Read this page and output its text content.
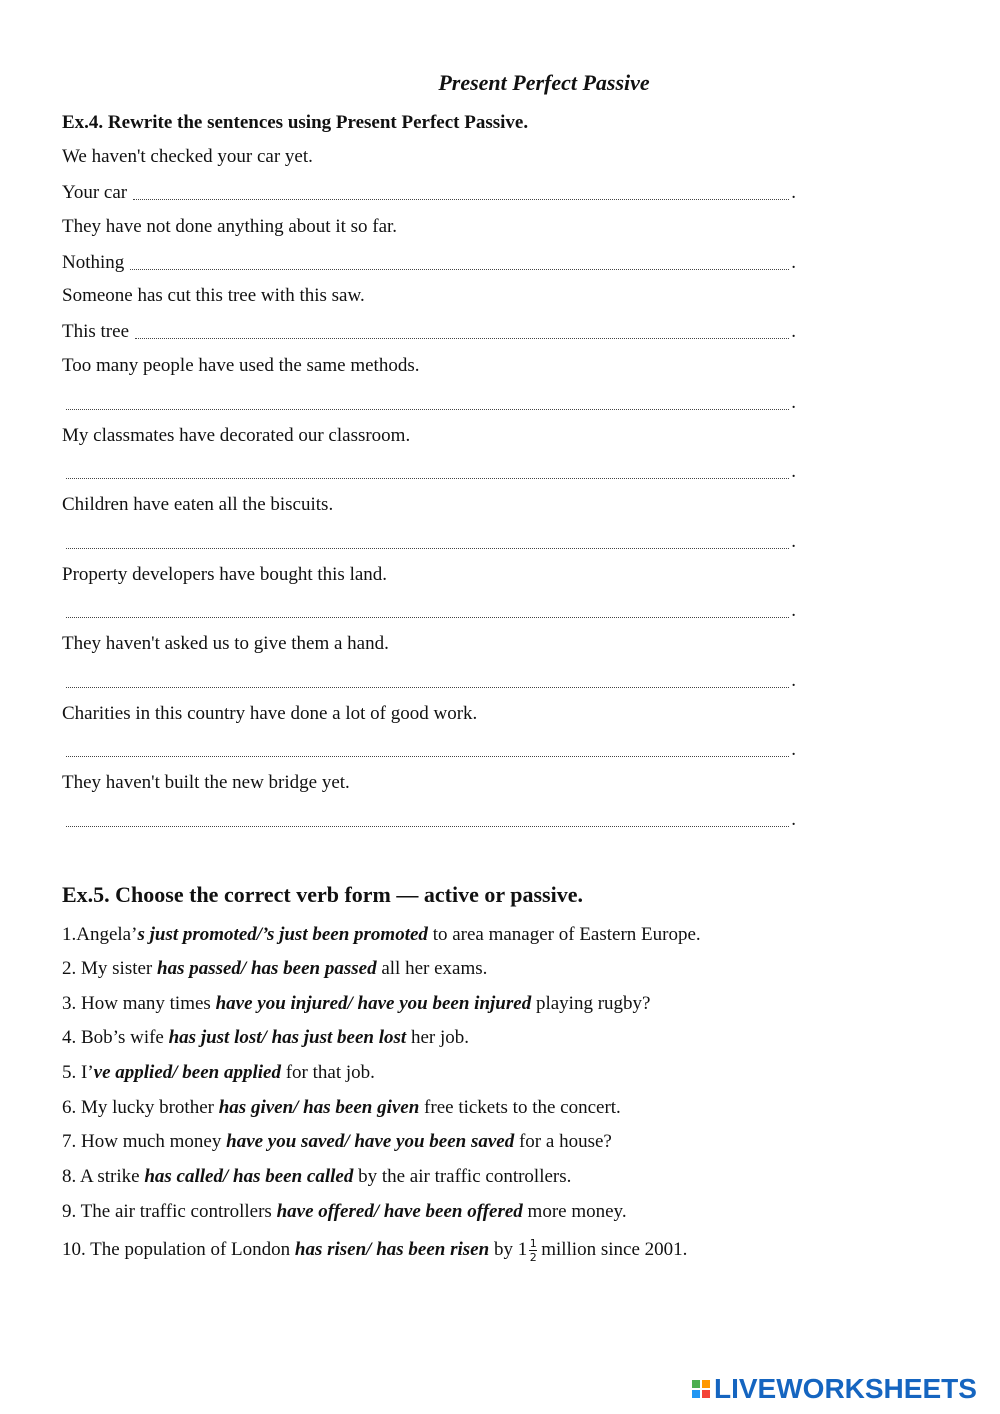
Present Perfect Passive
Ex.4. Rewrite the sentences using Present Perfect Passive.
We haven't checked your car yet.
Your car	.
They have not done anything about it so far.
Nothing	.
Someone has cut this tree with this saw.
This tree	.
Too many people have used the same methods.
.
My classmates have decorated our classroom.
.
Children have eaten all the biscuits.
.
Property developers have bought this land.
.
They haven't asked us to give them a hand.
.
Charities in this country have done a lot of good work.
.
They haven't built the new bridge yet.
.
Ex.5. Choose the correct verb form — active or passive.
1.Angela’s just promoted/’s just been promoted to area manager of Eastern Europe.
2. My sister has passed/ has been passed all her exams.
3. How many times have you injured/ have you been injured playing rugby?
4. Bob’s wife has just lost/ has just been lost her job.
5. I’ve applied/ been applied for that job.
6. My lucky brother has given/ has been given free tickets to the concert.
7. How much money have you saved/ have you been saved for a house?
8. A strike has called/ has been called by the air traffic controllers.
9. The air traffic controllers have offered/ have been offered more money.
10. The population of London has risen/ has been risen by $1 \frac{1}{2}$ million since 2001.
LIVEWORKSHEETS
